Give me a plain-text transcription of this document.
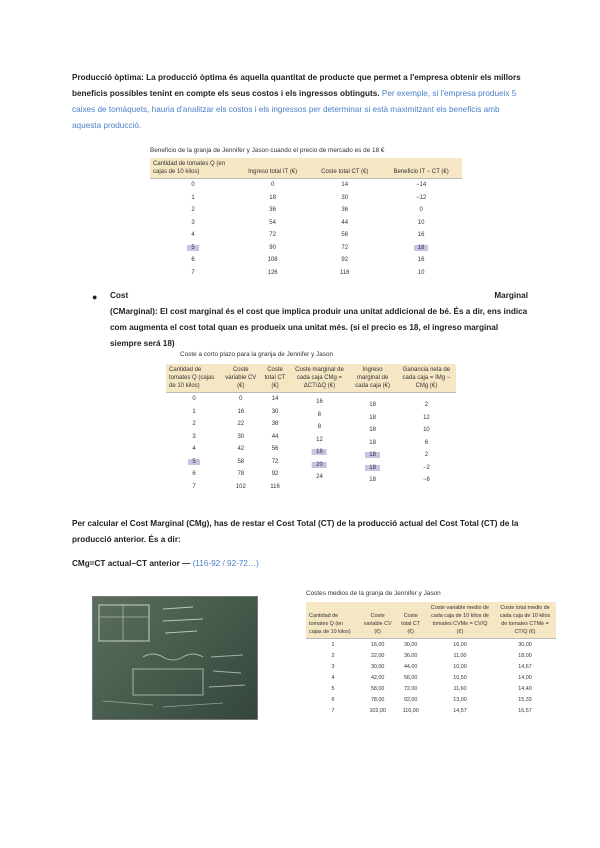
Producció òptima: La producció òptima és aquella quantitat de producte que permet a l'empresa obtenir els millors beneficis possibles tenint en compte els seus costos i els ingressos obtinguts. Per exemple, si l'empresa produeix 5 caixes de tomàquets, hauria d'analitzar els costos i els ingressos per determinar si està maximitzant els beneficis amb aquesta producció.
Beneficio de la granja de Jennifer y Jason cuando el precio de mercado es de 18 €
Cantidad de tomates Q (en cajas de 10 kilos)	Ingreso total IT (€)	Coste total CT (€)	Beneficio IT − CT (€)
0	0	14	−14
1	18	30	−12
2	36	36	0
3	54	44	10
4	72	56	16
5	90	72	18
6	108	92	16
7	126	116	10
● Cost	Marginal
(CMarginal): El cost marginal és el cost que implica produir una unitat addicional de bé. És a dir, ens indica com augmenta el cost total quan es produeix una unitat més. (si el precio es 18, el ingreso marginal siempre será 18)
Coste a corto plazo para la granja de Jennifer y Jason
Cantidad de tomates Q (cajas de 10 kilos)	Coste variable CV (€)	Coste total CT (€)	Coste marginal de cada caja CMg = ΔCT/ΔQ (€)	Ingreso marginal de cada caja (€)	Ganancia neta de cada caja = IMg − CMg (€)
0	0	14	16	18	2
1	16	30	6	18	12
2	22	36	8	18	10
3	30	44	12	18	6
4	42	56	16	18	2
5	58	72	20	18	−2
6	78	92	24	18	−6
7	102	116			
Per calcular el Cost Marginal (CMg), has de restar el Cost Total (CT) de la producció actual del Cost Total (CT) de la producció anterior. És a dir:
CMg=CT actual−CT anterior — (116-92 / 92-72…)
Costes medios de la granja de Jennifer y Jason
Cantidad de tomates Q (en cajas de 10 kilos)	Coste variable CV (€)	Coste total CT (€)	Coste variable medio de cada caja de 10 kilos de tomates CVMe = CV/Q (€)	Coste total medio de cada caja de 10 kilos de tomates CTMe = CT/Q (€)
1	16,00	30,00	16,00	30,00
2	22,00	36,00	11,00	18,00
3	30,00	44,00	10,00	14,67
4	42,00	56,00	10,50	14,00
5	58,00	72,00	11,60	14,40
6	78,00	92,00	13,00	15,33
7	102,00	116,00	14,57	16,57
